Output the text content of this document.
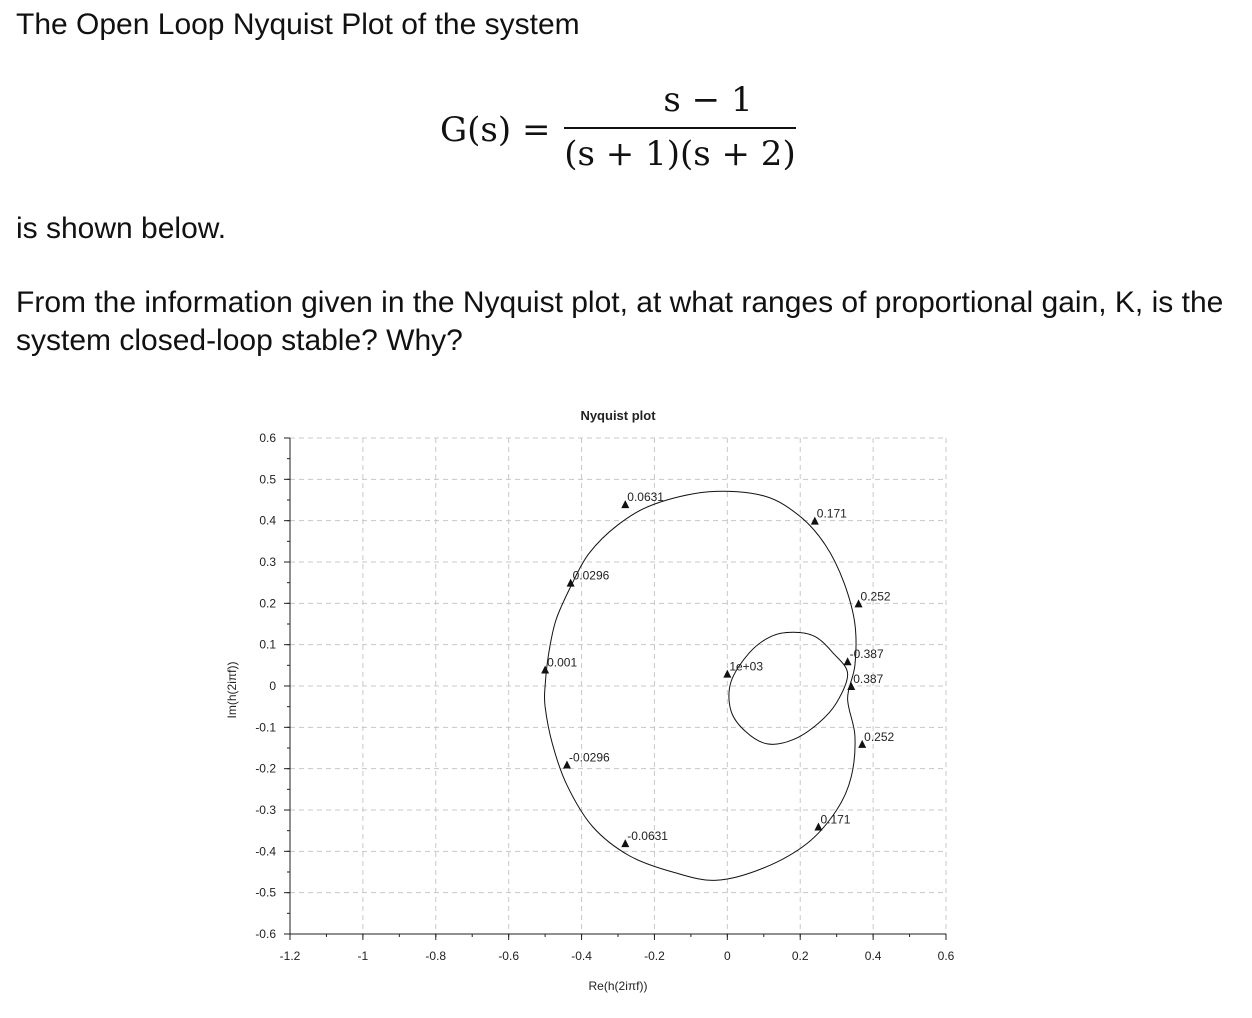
The Open Loop Nyquist Plot of the system

G(s) =
s − 1
(s + 1)(s + 2)

is shown below.

From the information given in the Nyquist plot, at what ranges of proportional gain, K, is the system closed-loop stable? Why?

Nyquist plot
Re(h(2iπf))
Im(h(2iπf))
-1.2	-1	-0.8	-0.6	-0.4	-0.2	0	0.2	0.4	0.6
0.6
0.5
0.4
0.3
0.2
0.1
0
-0.1
-0.2
-0.3
-0.4
-0.5
-0.6
0.0631
0.171
0.0296
0.252
-0.387
0.387
0.001	1e+03
0.252
-0.0296
0.171
-0.0631
